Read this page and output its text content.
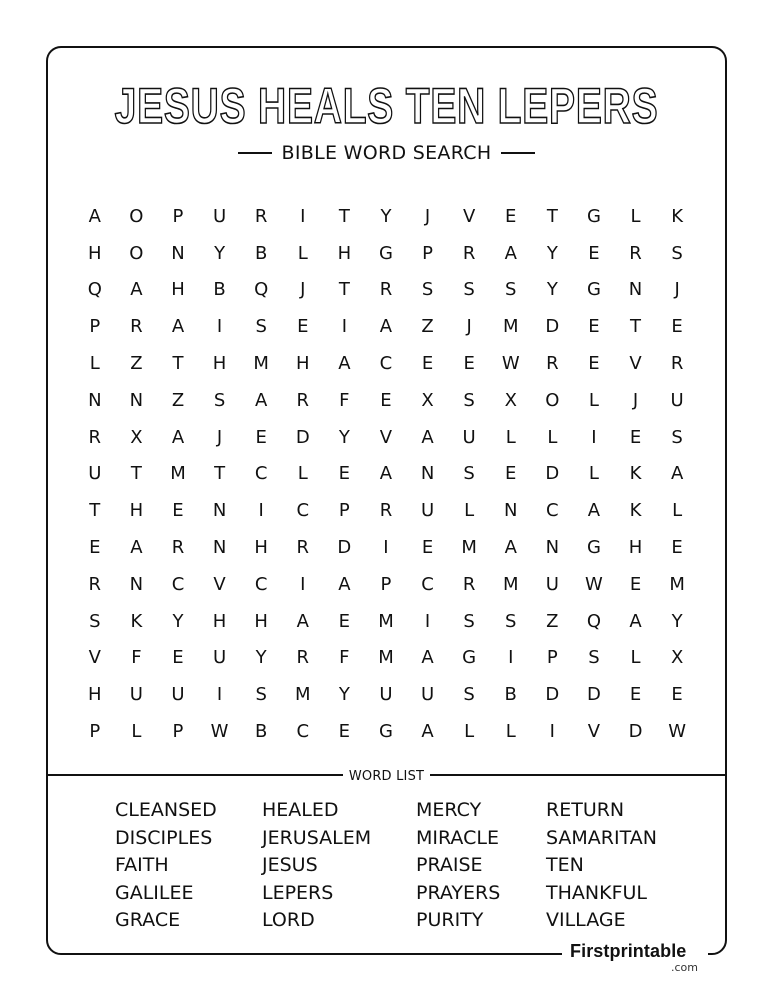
JESUS HEALS TEN LEPERS
BIBLE WORD SEARCH
A	O	P	U	R	I	T	Y	J	V	E	T	G	L	K
H	O	N	Y	B	L	H	G	P	R	A	Y	E	R	S
Q	A	H	B	Q	J	T	R	S	S	S	Y	G	N	J
P	R	A	I	S	E	I	A	Z	J	M	D	E	T	E
L	Z	T	H	M	H	A	C	E	E	W	R	E	V	R
N	N	Z	S	A	R	F	E	X	S	X	O	L	J	U
R	X	A	J	E	D	Y	V	A	U	L	L	I	E	S
U	T	M	T	C	L	E	A	N	S	E	D	L	K	A
T	H	E	N	I	C	P	R	U	L	N	C	A	K	L
E	A	R	N	H	R	D	I	E	M	A	N	G	H	E
R	N	C	V	C	I	A	P	C	R	M	U	W	E	M
S	K	Y	H	H	A	E	M	I	S	S	Z	Q	A	Y
V	F	E	U	Y	R	F	M	A	G	I	P	S	L	X
H	U	U	I	S	M	Y	U	U	S	B	D	D	E	E
P	L	P	W	B	C	E	G	A	L	L	I	V	D	W
WORD LIST
CLEANSED
DISCIPLES
FAITH
GALILEE
GRACE
HEALED
JERUSALEM
JESUS
LEPERS
LORD
MERCY
MIRACLE
PRAISE
PRAYERS
PURITY
RETURN
SAMARITAN
TEN
THANKFUL
VILLAGE
Firstprintable
.com
